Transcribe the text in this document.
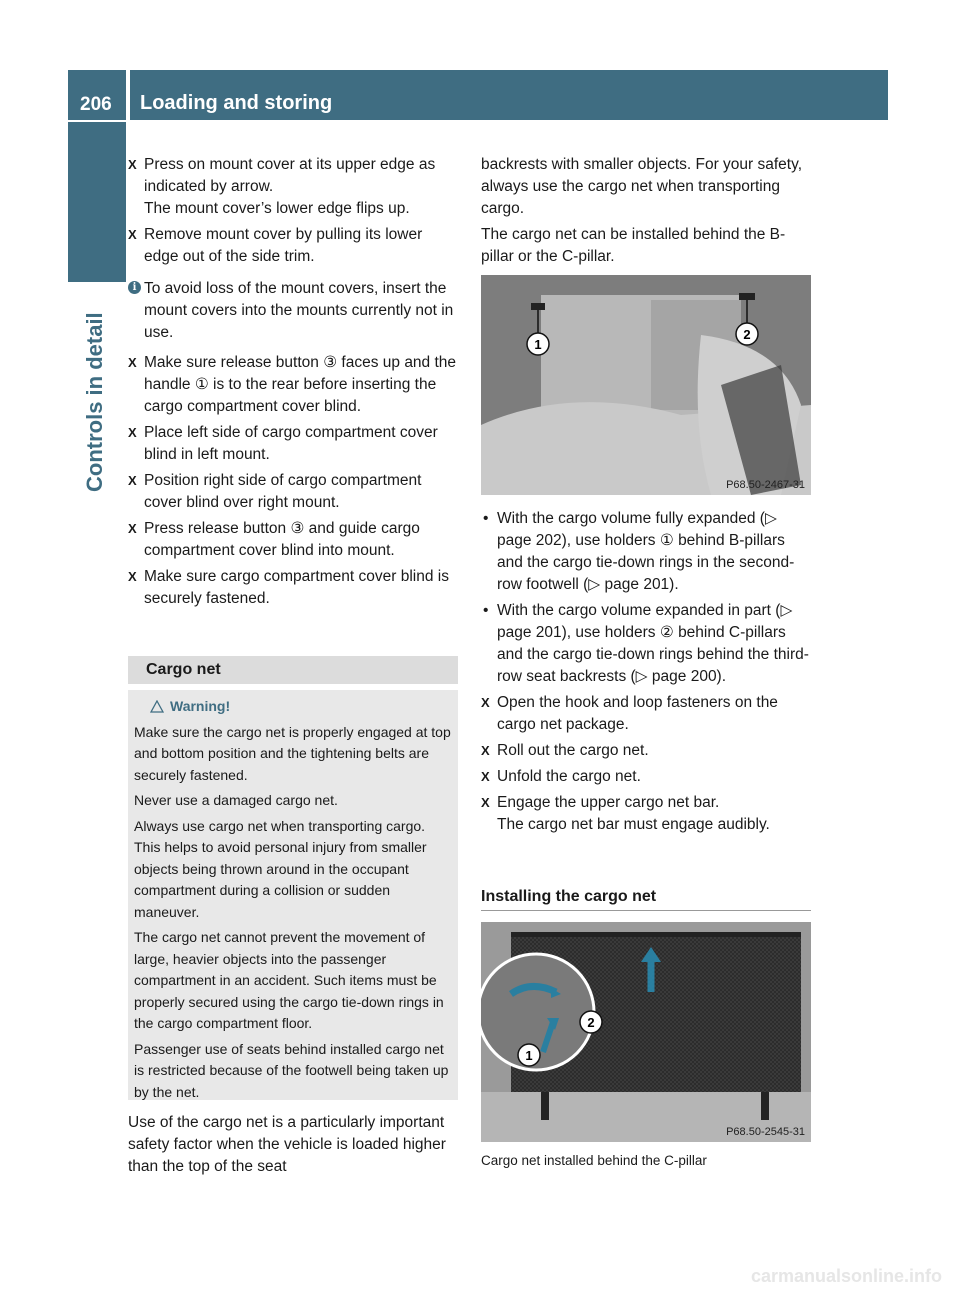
206	Loading and storing
Controls in detail
X Press on mount cover at its upper edge as indicated by arrow.
The mount cover’s lower edge flips up.
X Remove mount cover by pulling its lower edge out of the side trim.
i To avoid loss of the mount covers, insert the mount covers into the mounts currently not in use.
X Make sure release button ③ faces up and the handle ① is to the rear before inserting the cargo compartment cover blind.
X Place left side of cargo compartment cover blind in left mount.
X Position right side of cargo compartment cover blind over right mount.
X Press release button ③ and guide cargo compartment cover blind into mount.
X Make sure cargo compartment cover blind is securely fastened.
Cargo net
Warning!

Make sure the cargo net is properly engaged at top and bottom position and the tightening belts are securely fastened.

Never use a damaged cargo net.

Always use cargo net when transporting cargo. This helps to avoid personal injury from smaller objects being thrown around in the occupant compartment during a collision or sudden maneuver.

The cargo net cannot prevent the movement of large, heavier objects into the passenger compartment in an accident. Such items must be properly secured using the cargo tie-down rings in the cargo compartment floor.

Passenger use of seats behind installed cargo net is restricted because of the footwell being taken up by the net.

Use of the cargo net is a particularly important safety factor when the vehicle is loaded higher than the top of the seat

backrests with smaller objects. For your safety, always use the cargo net when transporting cargo.

The cargo net can be installed behind the B-pillar or the C-pillar.

1
2
P68.50-2467-31
• With the cargo volume fully expanded (▷ page 202), use holders ① behind B-pillars and the cargo tie-down rings in the second-row footwell (▷ page 201).
• With the cargo volume expanded in part (▷ page 201), use holders ② behind C-pillars and the cargo tie-down rings behind the third-row seat backrests (▷ page 200).
X Open the hook and loop fasteners on the cargo net package.
X Roll out the cargo net.
X Unfold the cargo net.
X Engage the upper cargo net bar.
The cargo net bar must engage audibly.
Installing the cargo net
2
1
P68.50-2545-31
Cargo net installed behind the C-pillar
carmanualsonline.info
